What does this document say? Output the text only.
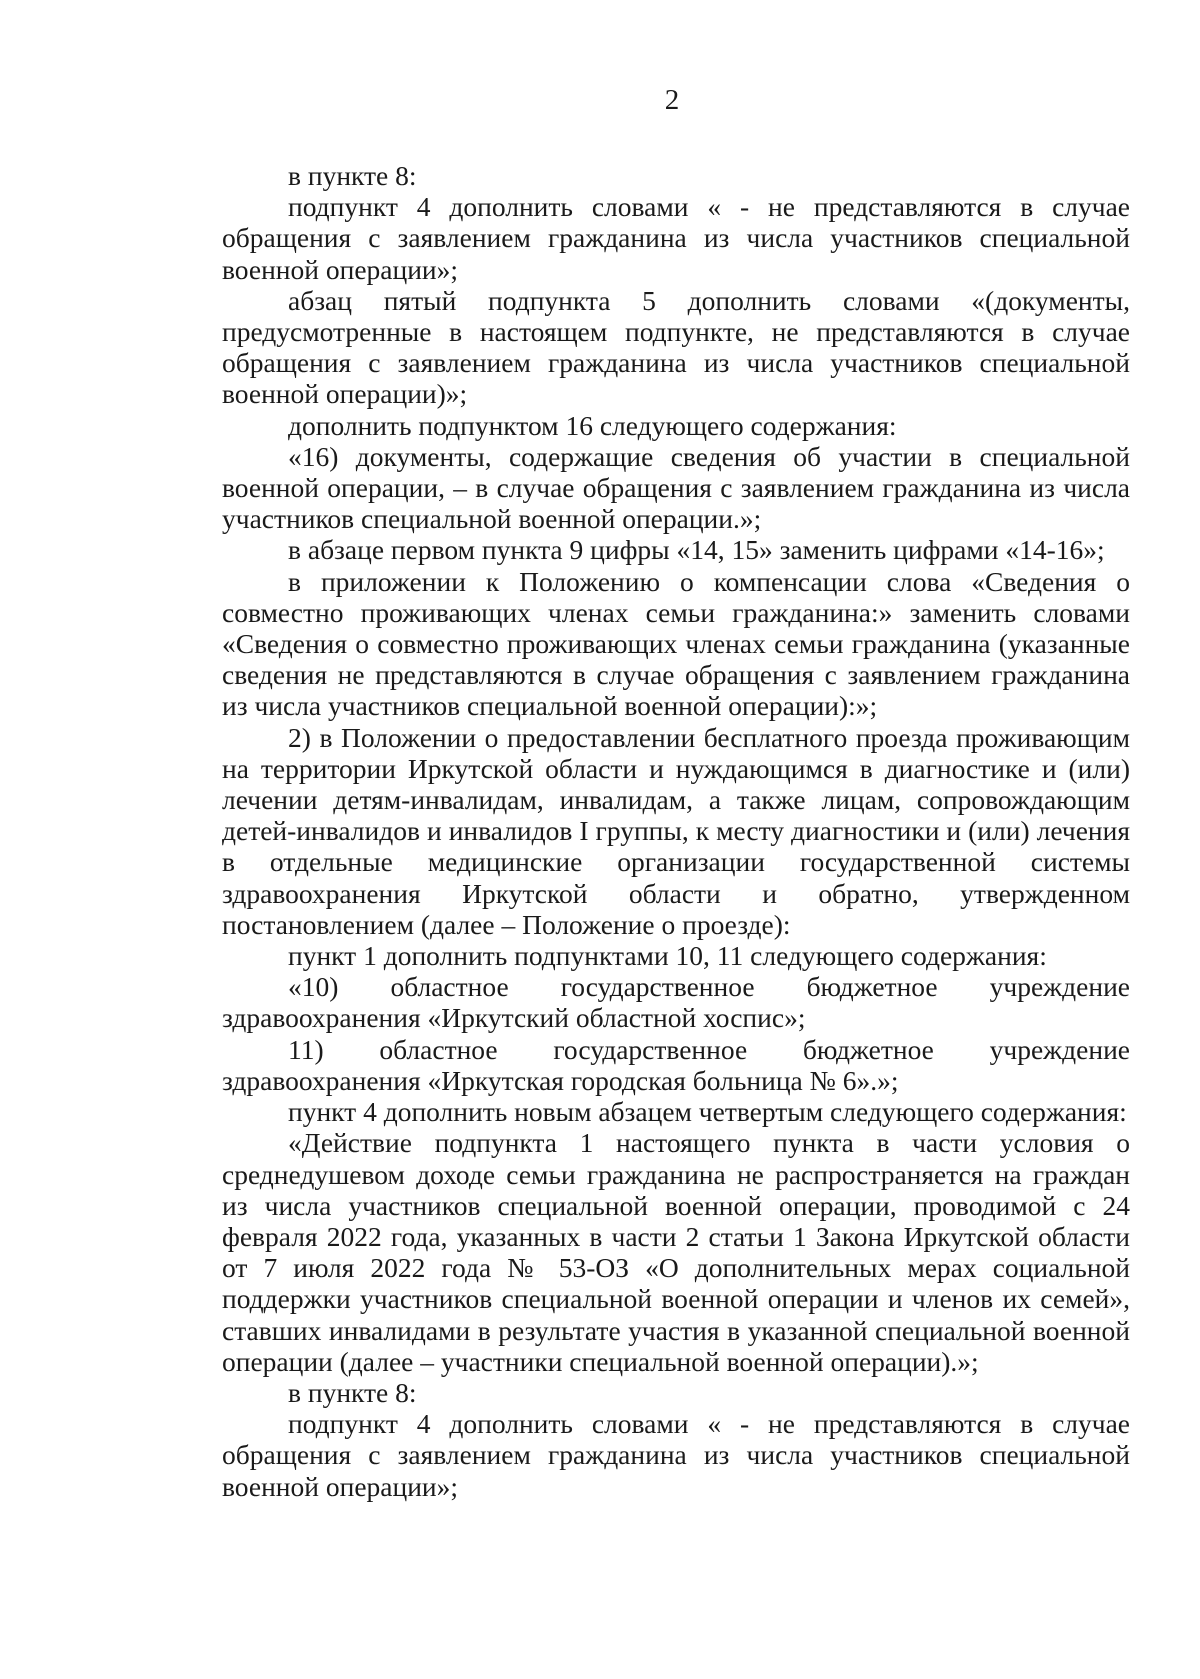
2

в пункте 8:

подпункт 4 дополнить словами « - не представляются в случае обращения с заявлением гражданина из числа участников специальной военной операции»;

абзац пятый подпункта 5 дополнить словами «(документы, предусмотренные в настоящем подпункте, не представляются в случае обращения с заявлением гражданина из числа участников специальной военной операции)»;

дополнить подпунктом 16 следующего содержания:

«16) документы, содержащие сведения об участии в специальной военной операции, – в случае обращения с заявлением гражданина из числа участников специальной военной операции.»;

в абзаце первом пункта 9 цифры «14, 15» заменить цифрами «14-16»;

в приложении к Положению о компенсации слова «Сведения о совместно проживающих членах семьи гражданина:» заменить словами «Сведения о совместно проживающих членах семьи гражданина (указанные сведения не представляются в случае обращения с заявлением гражданина из числа участников специальной военной операции):»;

2) в Положении о предоставлении бесплатного проезда проживающим на территории Иркутской области и нуждающимся в диагностике и (или) лечении детям-инвалидам, инвалидам, а также лицам, сопровождающим детей-инвалидов и инвалидов I группы, к месту диагностики и (или) лечения в отдельные медицинские организации государственной системы здравоохранения Иркутской области и обратно, утвержденном постановлением (далее – Положение о проезде):

пункт 1 дополнить подпунктами 10, 11 следующего содержания:

«10) областное государственное бюджетное учреждение здравоохранения «Иркутский областной хоспис»;

11) областное государственное бюджетное учреждение здравоохранения «Иркутская городская больница № 6».»;

пункт 4 дополнить новым абзацем четвертым следующего содержания:

«Действие подпункта 1 настоящего пункта в части условия о среднедушевом доходе семьи гражданина не распространяется на граждан из числа участников специальной военной операции, проводимой с 24 февраля 2022 года, указанных в части 2 статьи 1 Закона Иркутской области от 7 июля 2022 года № 53-ОЗ «О дополнительных мерах социальной поддержки участников специальной военной операции и членов их семей», ставших инвалидами в результате участия в указанной специальной военной операции (далее – участники специальной военной операции).»;

в пункте 8:

подпункт 4 дополнить словами « - не представляются в случае обращения с заявлением гражданина из числа участников специальной военной операции»;
